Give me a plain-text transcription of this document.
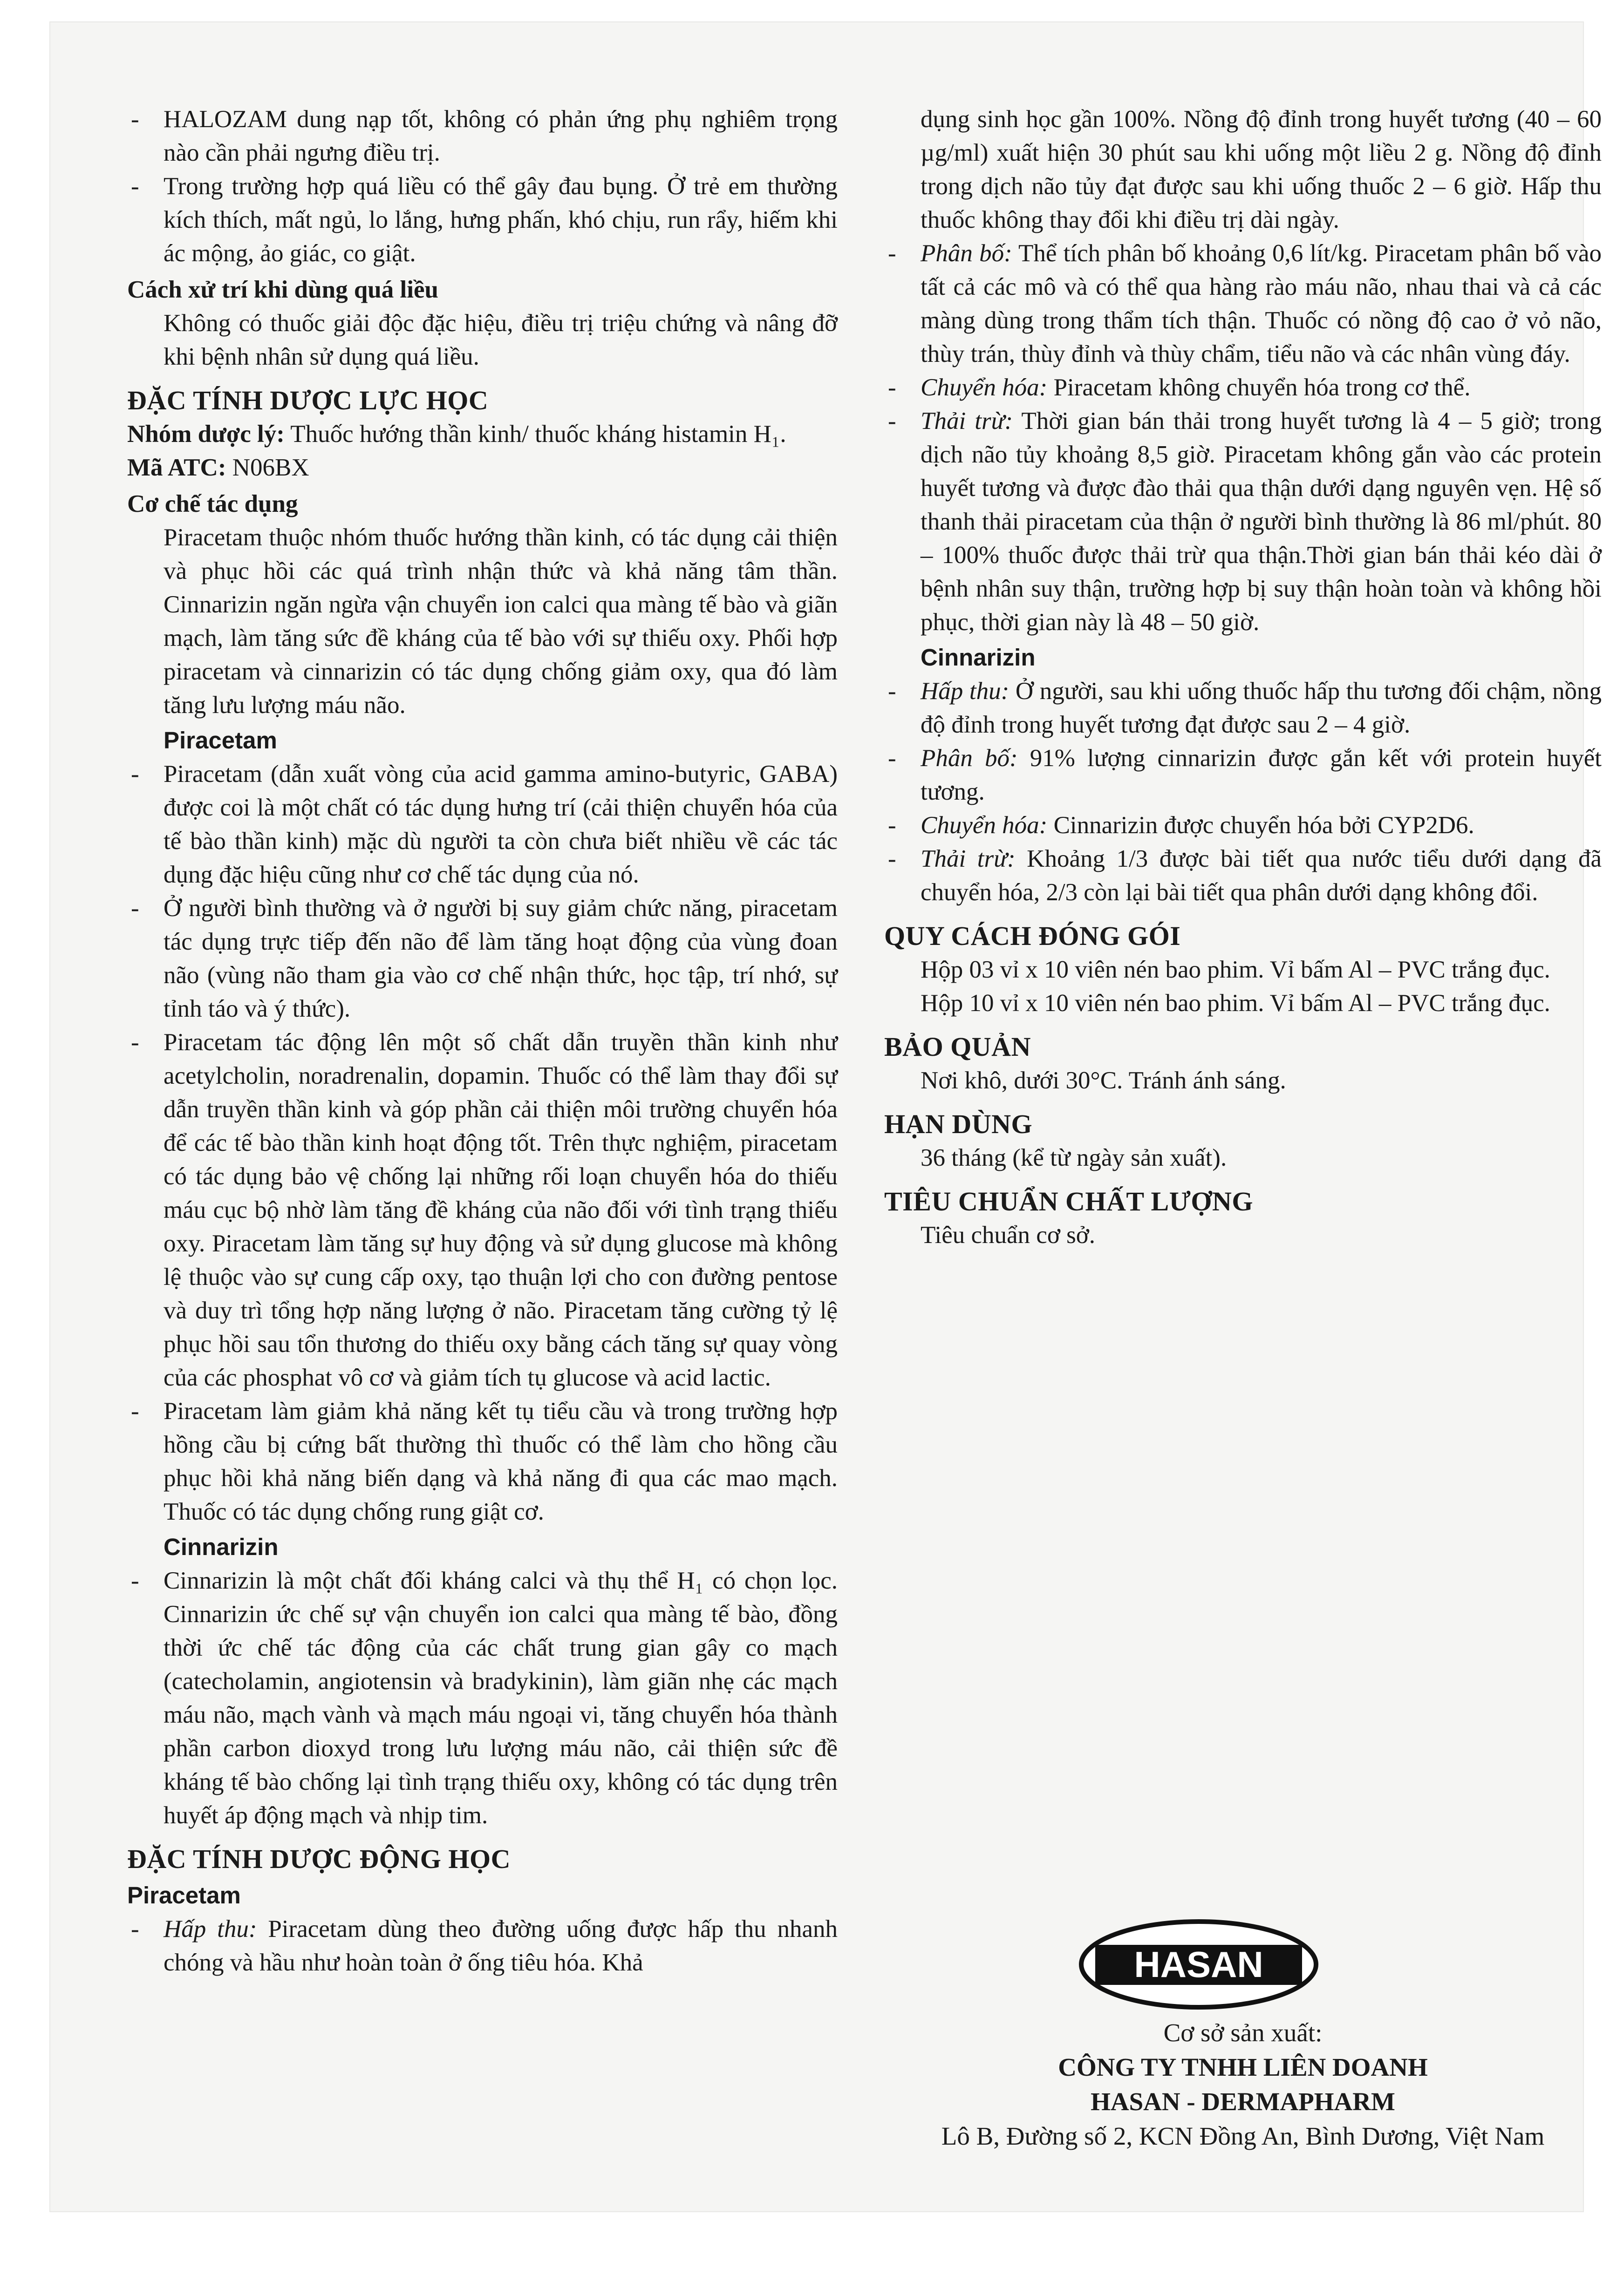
- HALOZAM dung nạp tốt, không có phản ứng phụ nghiêm trọng nào cần phải ngưng điều trị.

- Trong trường hợp quá liều có thể gây đau bụng. Ở trẻ em thường kích thích, mất ngủ, lo lắng, hưng phấn, khó chịu, run rẩy, hiếm khi ác mộng, ảo giác, co giật.

Cách xử trí khi dùng quá liều

Không có thuốc giải độc đặc hiệu, điều trị triệu chứng và nâng đỡ khi bệnh nhân sử dụng quá liều.

ĐẶC TÍNH DƯỢC LỰC HỌC

Nhóm dược lý: Thuốc hướng thần kinh/ thuốc kháng histamin H₁.

Mã ATC: N06BX

Cơ chế tác dụng

Piracetam thuộc nhóm thuốc hướng thần kinh, có tác dụng cải thiện và phục hồi các quá trình nhận thức và khả năng tâm thần. Cinnarizin ngăn ngừa vận chuyển ion calci qua màng tế bào và giãn mạch, làm tăng sức đề kháng của tế bào với sự thiếu oxy. Phối hợp piracetam và cinnarizin có tác dụng chống giảm oxy, qua đó làm tăng lưu lượng máu não.

Piracetam

- Piracetam (dẫn xuất vòng của acid gamma amino-butyric, GABA) được coi là một chất có tác dụng hưng trí (cải thiện chuyển hóa của tế bào thần kinh) mặc dù người ta còn chưa biết nhiều về các tác dụng đặc hiệu cũng như cơ chế tác dụng của nó.

- Ở người bình thường và ở người bị suy giảm chức năng, piracetam tác dụng trực tiếp đến não để làm tăng hoạt động của vùng đoan não (vùng não tham gia vào cơ chế nhận thức, học tập, trí nhớ, sự tỉnh táo và ý thức).

- Piracetam tác động lên một số chất dẫn truyền thần kinh như acetylcholin, noradrenalin, dopamin. Thuốc có thể làm thay đổi sự dẫn truyền thần kinh và góp phần cải thiện môi trường chuyển hóa để các tế bào thần kinh hoạt động tốt. Trên thực nghiệm, piracetam có tác dụng bảo vệ chống lại những rối loạn chuyển hóa do thiếu máu cục bộ nhờ làm tăng đề kháng của não đối với tình trạng thiếu oxy. Piracetam làm tăng sự huy động và sử dụng glucose mà không lệ thuộc vào sự cung cấp oxy, tạo thuận lợi cho con đường pentose và duy trì tổng hợp năng lượng ở não. Piracetam tăng cường tỷ lệ phục hồi sau tổn thương do thiếu oxy bằng cách tăng sự quay vòng của các phosphat vô cơ và giảm tích tụ glucose và acid lactic.

- Piracetam làm giảm khả năng kết tụ tiểu cầu và trong trường hợp hồng cầu bị cứng bất thường thì thuốc có thể làm cho hồng cầu phục hồi khả năng biến dạng và khả năng đi qua các mao mạch. Thuốc có tác dụng chống rung giật cơ.

Cinnarizin

- Cinnarizin là một chất đối kháng calci và thụ thể H₁ có chọn lọc. Cinnarizin ức chế sự vận chuyển ion calci qua màng tế bào, đồng thời ức chế tác động của các chất trung gian gây co mạch (catecholamin, angiotensin và bradykinin), làm giãn nhẹ các mạch máu não, mạch vành và mạch máu ngoại vi, tăng chuyển hóa thành phần carbon dioxyd trong lưu lượng máu não, cải thiện sức đề kháng tế bào chống lại tình trạng thiếu oxy, không có tác dụng trên huyết áp động mạch và nhịp tim.

ĐẶC TÍNH DƯỢC ĐỘNG HỌC

Piracetam

- Hấp thu: Piracetam dùng theo đường uống được hấp thu nhanh chóng và hầu như hoàn toàn ở ống tiêu hóa. Khả

dụng sinh học gần 100%. Nồng độ đỉnh trong huyết tương (40 – 60 µg/ml) xuất hiện 30 phút sau khi uống một liều 2 g. Nồng độ đỉnh trong dịch não tủy đạt được sau khi uống thuốc 2 – 6 giờ. Hấp thu thuốc không thay đổi khi điều trị dài ngày.

- Phân bố: Thể tích phân bố khoảng 0,6 lít/kg. Piracetam phân bố vào tất cả các mô và có thể qua hàng rào máu não, nhau thai và cả các màng dùng trong thẩm tích thận. Thuốc có nồng độ cao ở vỏ não, thùy trán, thùy đỉnh và thùy chẩm, tiểu não và các nhân vùng đáy.

- Chuyển hóa: Piracetam không chuyển hóa trong cơ thể.

- Thải trừ: Thời gian bán thải trong huyết tương là 4 – 5 giờ; trong dịch não tủy khoảng 8,5 giờ. Piracetam không gắn vào các protein huyết tương và được đào thải qua thận dưới dạng nguyên vẹn. Hệ số thanh thải piracetam của thận ở người bình thường là 86 ml/phút. 80 – 100% thuốc được thải trừ qua thận.Thời gian bán thải kéo dài ở bệnh nhân suy thận, trường hợp bị suy thận hoàn toàn và không hồi phục, thời gian này là 48 – 50 giờ.

Cinnarizin

- Hấp thu: Ở người, sau khi uống thuốc hấp thu tương đối chậm, nồng độ đỉnh trong huyết tương đạt được sau 2 – 4 giờ.

- Phân bố: 91% lượng cinnarizin được gắn kết với protein huyết tương.

- Chuyển hóa: Cinnarizin được chuyển hóa bởi CYP2D6.

- Thải trừ: Khoảng 1/3 được bài tiết qua nước tiểu dưới dạng đã chuyển hóa, 2/3 còn lại bài tiết qua phân dưới dạng không đổi.

QUY CÁCH ĐÓNG GÓI

Hộp 03 vỉ x 10 viên nén bao phim. Vỉ bấm Al – PVC trắng đục.

Hộp 10 vỉ x 10 viên nén bao phim. Vỉ bấm Al – PVC trắng đục.

BẢO QUẢN

Nơi khô, dưới 30°C. Tránh ánh sáng.

HẠN DÙNG

36 tháng (kể từ ngày sản xuất).

TIÊU CHUẨN CHẤT LƯỢNG

Tiêu chuẩn cơ sở.

HASAN
Cơ sở sản xuất:
CÔNG TY TNHH LIÊN DOANH
HASAN - DERMAPHARM
Lô B, Đường số 2, KCN Đồng An, Bình Dương, Việt Nam
